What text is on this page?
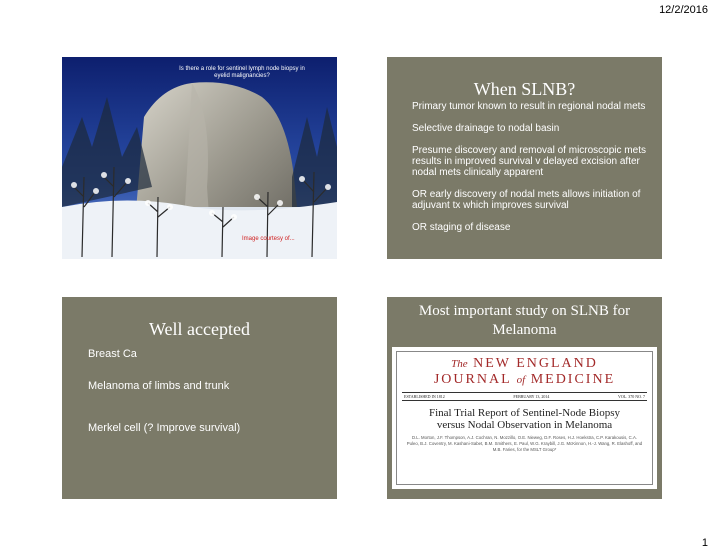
12/2/2016
Is there a role for sentinel lymph node biopsy in eyelid malignancies?
Image courtesy of...
When SLNB?
Primary tumor known to result in regional nodal mets
Selective drainage to nodal basin
Presume discovery and removal of microscopic mets results in improved survival v delayed excision after nodal mets clinically apparent
OR early discovery of nodal mets allows initiation of adjuvant tx which improves survival
OR staging of disease
Well accepted
Breast Ca
Melanoma of limbs and trunk
Merkel cell (? Improve survival)
Most important study on SLNB for Melanoma
The NEW ENGLAND
JOURNAL of MEDICINE
ESTABLISHED IN 1812	FEBRUARY 13, 2014	VOL. 370 NO. 7
Final Trial Report of Sentinel-Node Biopsy
versus Nodal Observation in Melanoma
D.L. Morton, J.F. Thompson, A.J. Cochran, N. Mozzillo, O.E. Nieweg, D.F. Roses, H.J. Hoekstra, C.P. Karakousis, C.A. Puleo, B.J. Coventry, M. Kashani-Sabet, B.M. Smithers, E. Paul, W.G. Kraybill, J.G. McKinnon, H.-J. Wang, R. Elashoff, and M.B. Faries, for the MSLT Group*
1
